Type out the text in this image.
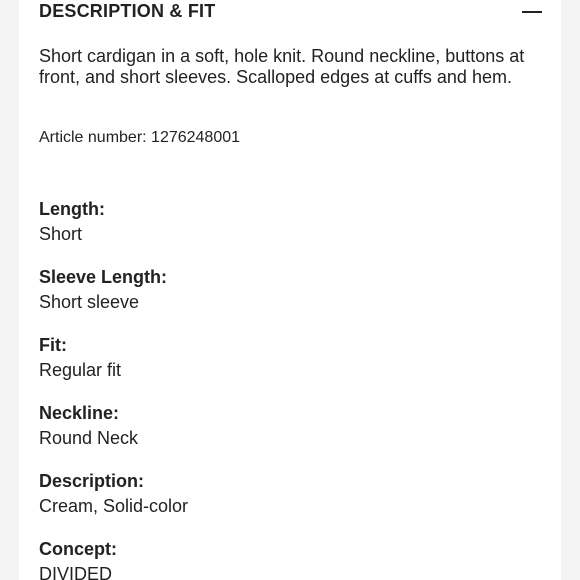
DESCRIPTION & FIT

Short cardigan in a soft, hole knit. Round neckline, buttons at front, and short sleeves. Scalloped edges at cuffs and hem.

Article number: 1276248001

Length:
Short
Sleeve Length:
Short sleeve
Fit:
Regular fit
Neckline:
Round Neck
Description:
Cream, Solid-color
Concept:
DIVIDED
